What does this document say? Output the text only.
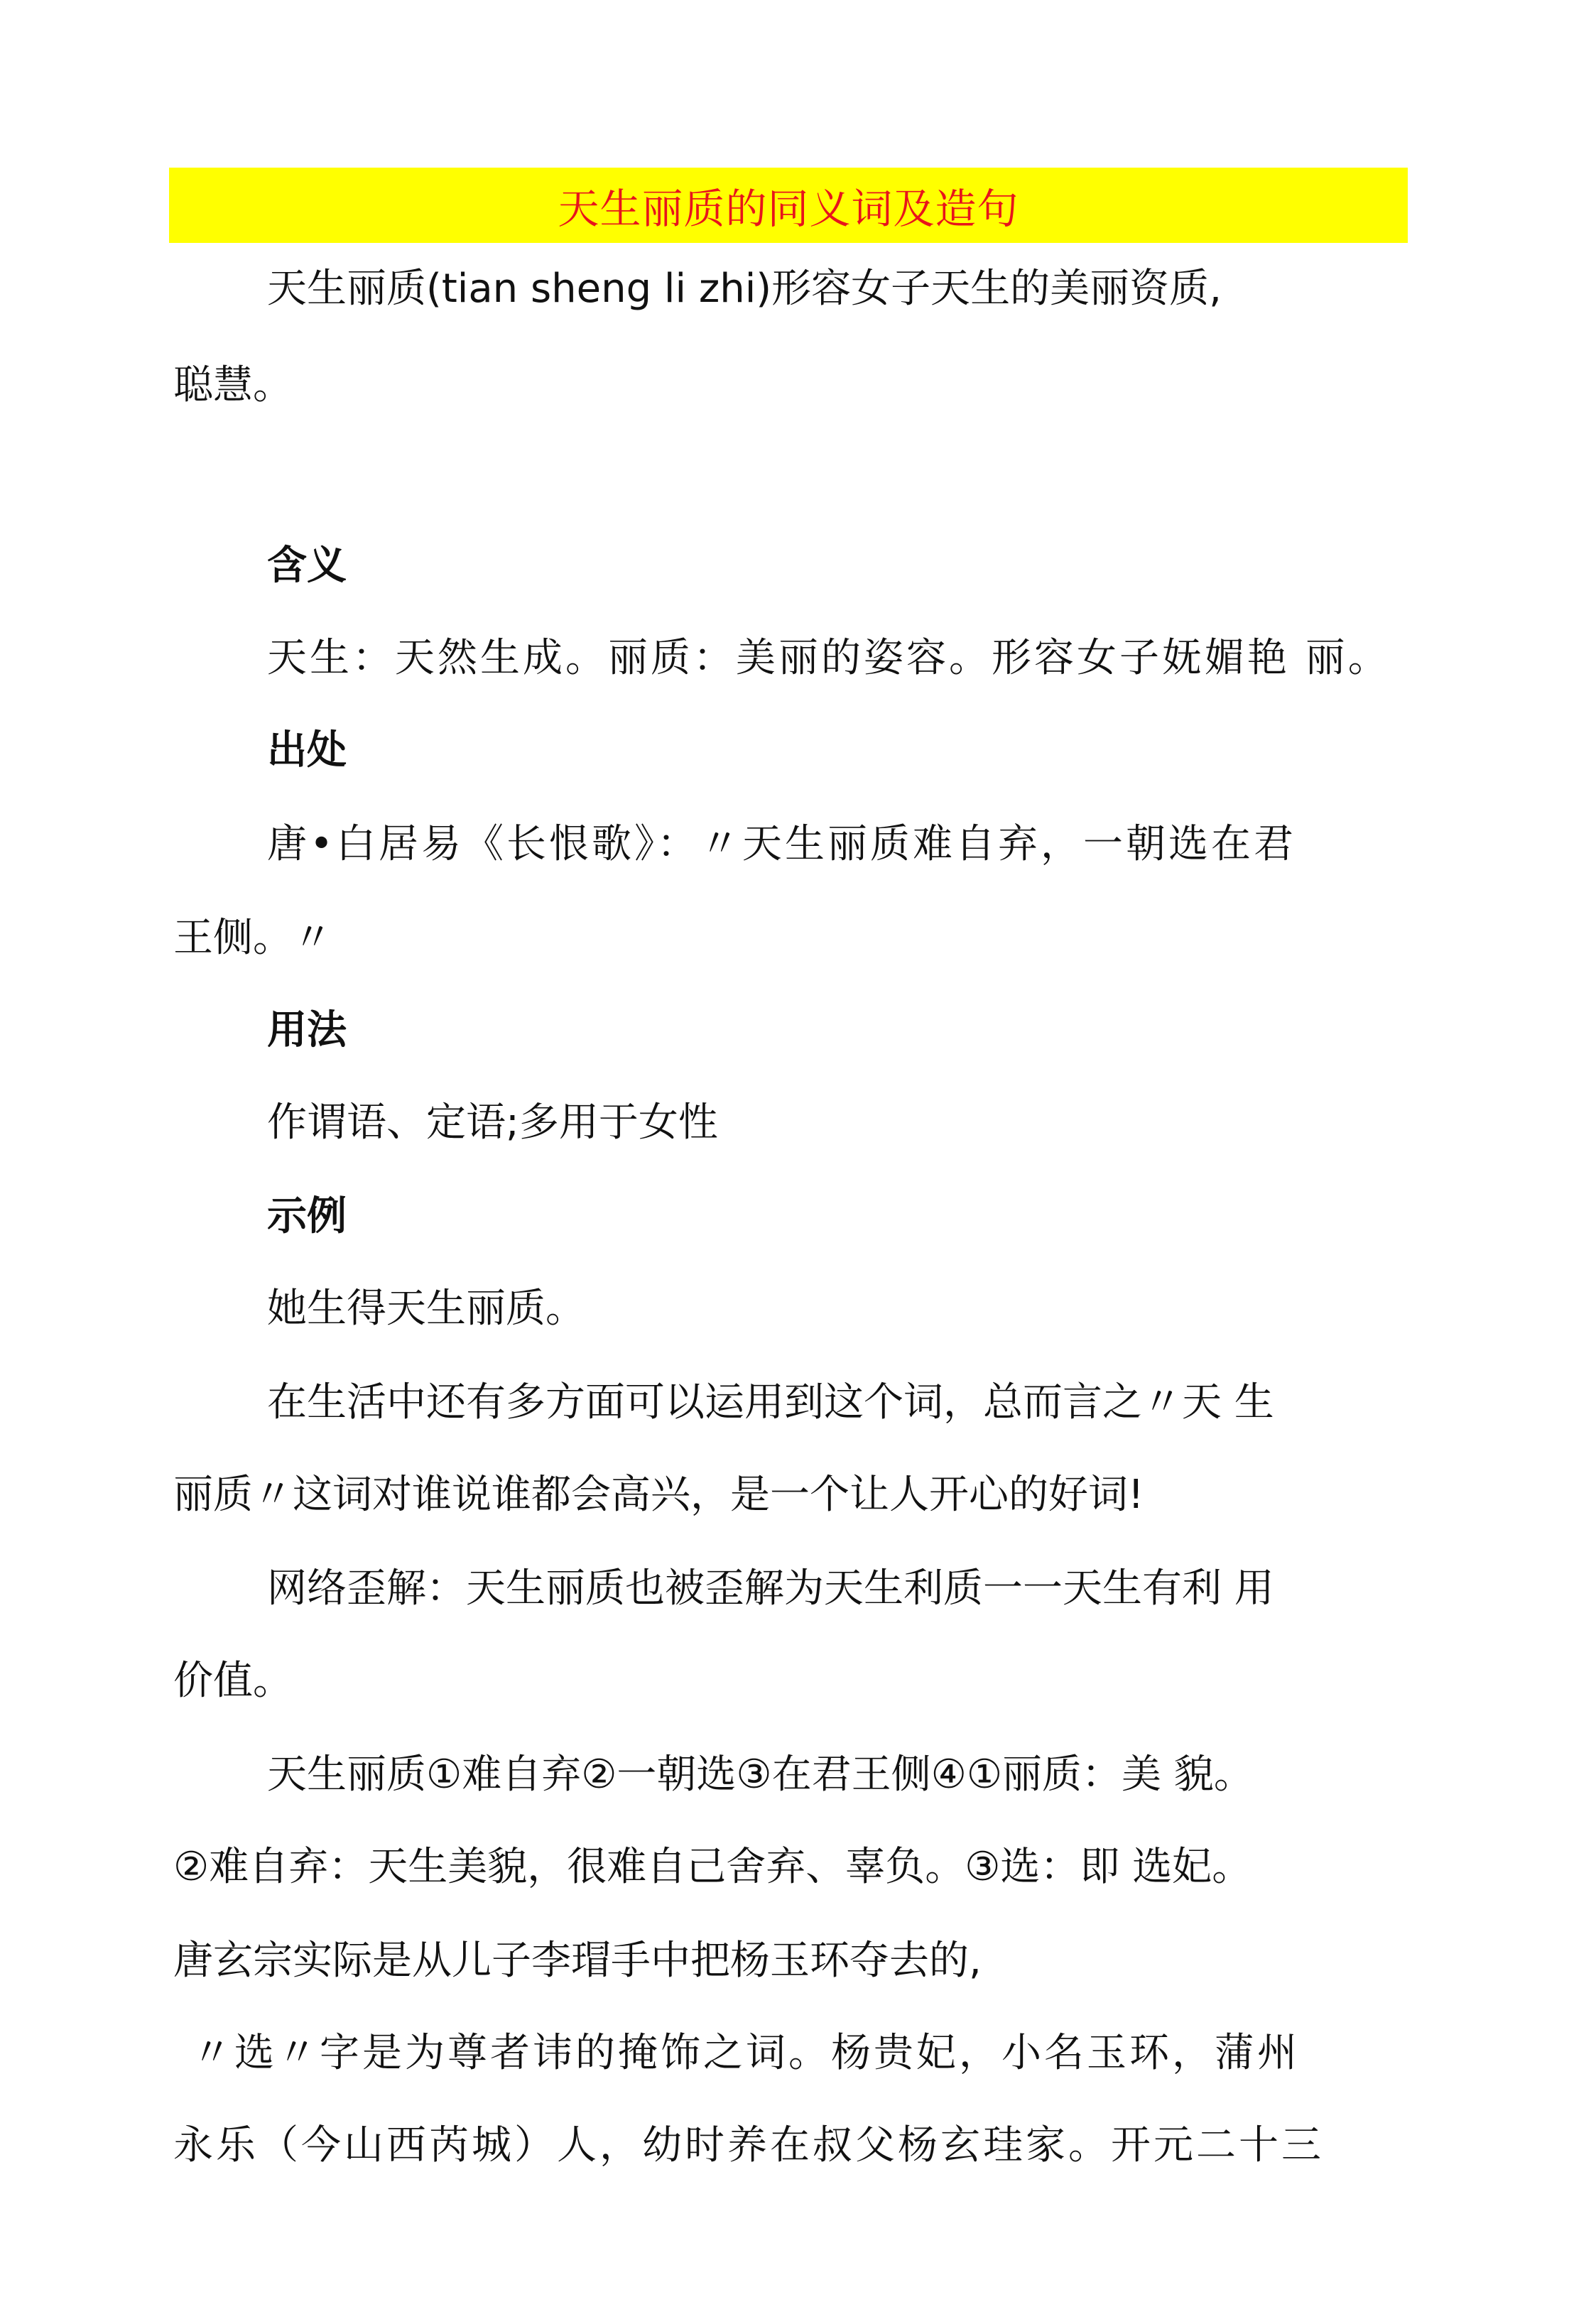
天生丽质的同义词及造句
天生丽质(tian sheng li zhi)形容女子天生的美丽资质,
聪慧。
含义
天生：天然生成。丽质：美丽的姿容。形容女子妩媚艳 丽。
出处
唐•白居易《长恨歌》：〃天生丽质难自弃，一朝选在君
王侧。〃
用法
作谓语、定语;多用于女性
示例
她生得天生丽质。
在生活中还有多方面可以运用到这个词，总而言之〃天 生
丽质〃这词对谁说谁都会高兴，是一个让人开心的好词!
网络歪解：天生丽质也被歪解为天生利质一一天生有利 用
价值。
天生丽质①难自弃②一朝选③在君王侧④①丽质：美 貌。
②难自弃：天生美貌，很难自己舍弃、辜负。③选：即 选妃。
唐玄宗实际是从儿子李瑁手中把杨玉环夺去的,
〃选〃字是为尊者讳的掩饰之词。杨贵妃，小名玉环，蒲州
永乐（今山西芮城）人，幼时养在叔父杨玄珪家。开元二十三
